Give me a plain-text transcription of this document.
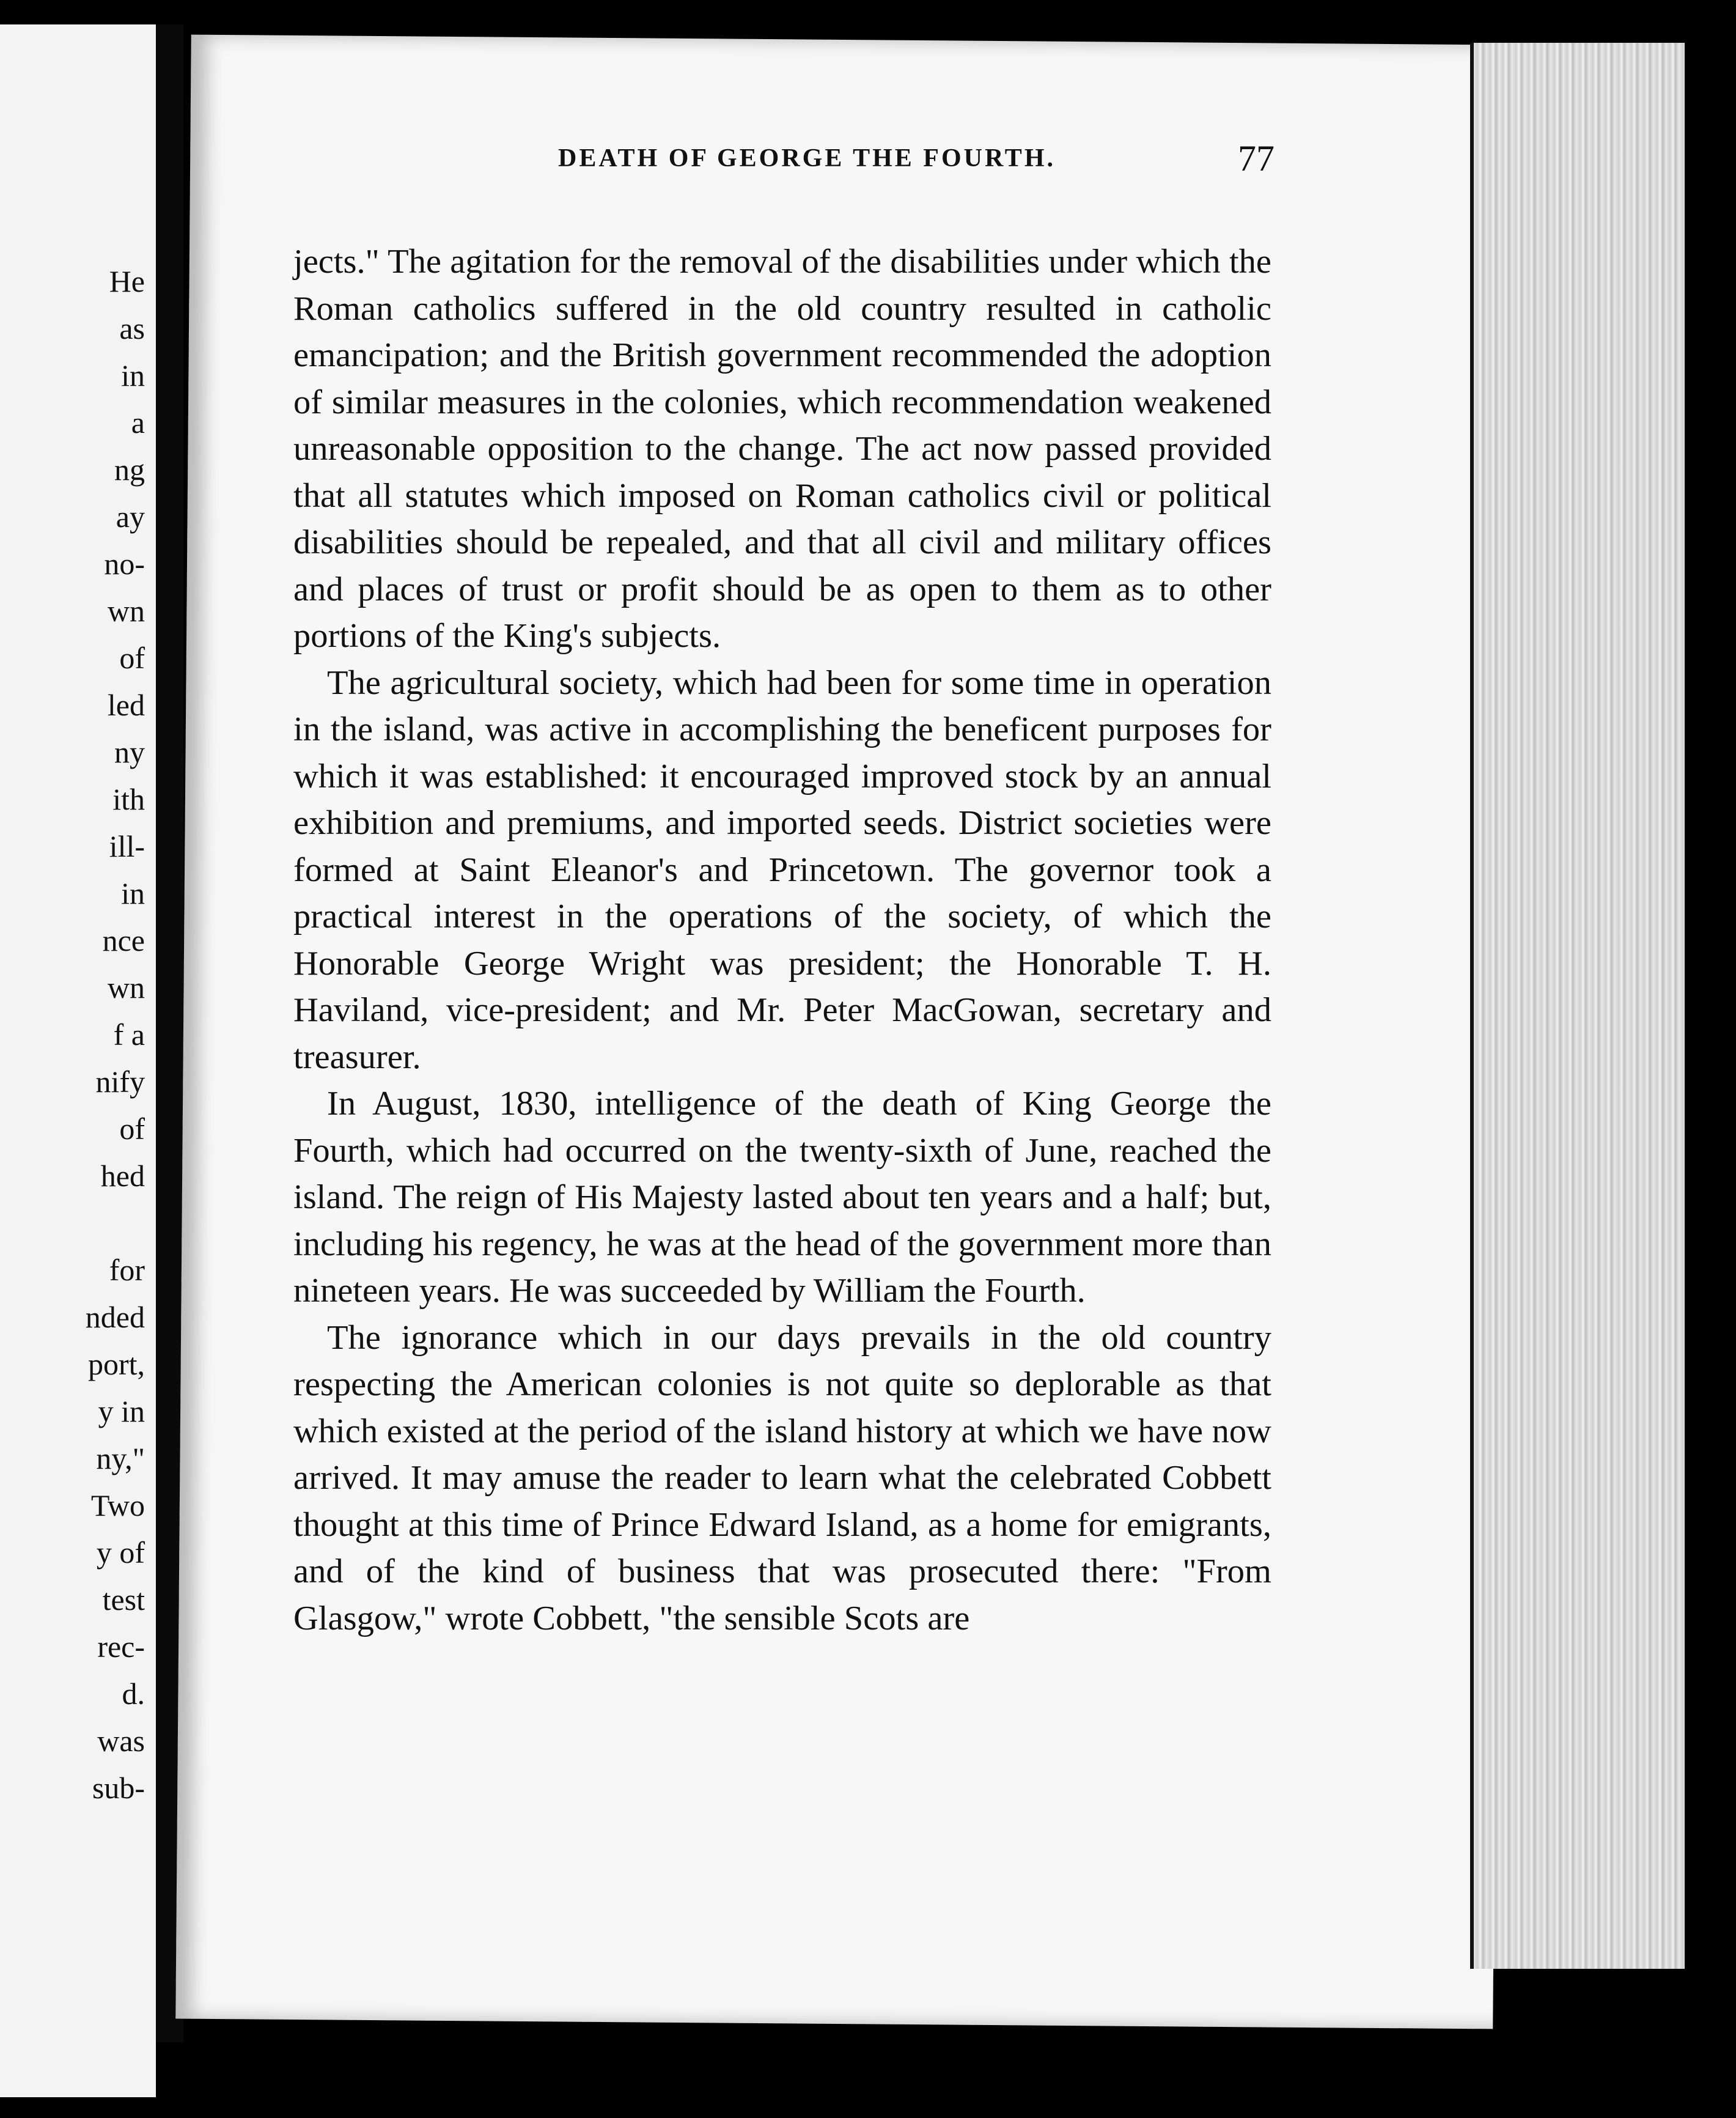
He
as
in
a
ng
ay
no-
wn
of
led
ny
ith
ill-
in
nce
wn
f a
nify
of
hed
for
nded
port,
y in
ny,"
Two
y of
test
rec-
d.
was
sub-
DEATH OF GEORGE THE FOURTH.	77

jects." The agitation for the removal of the disabilities under which the Roman catholics suffered in the old country resulted in catholic emancipation; and the British government recommended the adoption of similar measures in the colonies, which recommendation weakened unreasonable opposition to the change. The act now passed provided that all statutes which imposed on Roman catholics civil or political disabilities should be repealed, and that all civil and military offices and places of trust or profit should be as open to them as to other portions of the King's subjects.

The agricultural society, which had been for some time in operation in the island, was active in accomplishing the beneficent purposes for which it was established: it encouraged improved stock by an annual exhibition and premiums, and imported seeds. District societies were formed at Saint Eleanor's and Princetown. The governor took a practical interest in the operations of the society, of which the Honorable George Wright was president; the Honorable T. H. Haviland, vice-president; and Mr. Peter MacGowan, secretary and treasurer.

In August, 1830, intelligence of the death of King George the Fourth, which had occurred on the twenty-sixth of June, reached the island. The reign of His Majesty lasted about ten years and a half; but, including his regency, he was at the head of the government more than nineteen years. He was succeeded by William the Fourth.

The ignorance which in our days prevails in the old country respecting the American colonies is not quite so deplorable as that which existed at the period of the island history at which we have now arrived. It may amuse the reader to learn what the celebrated Cobbett thought at this time of Prince Edward Island, as a home for emigrants, and of the kind of business that was prosecuted there: "From Glasgow," wrote Cobbett, "the sensible Scots are
